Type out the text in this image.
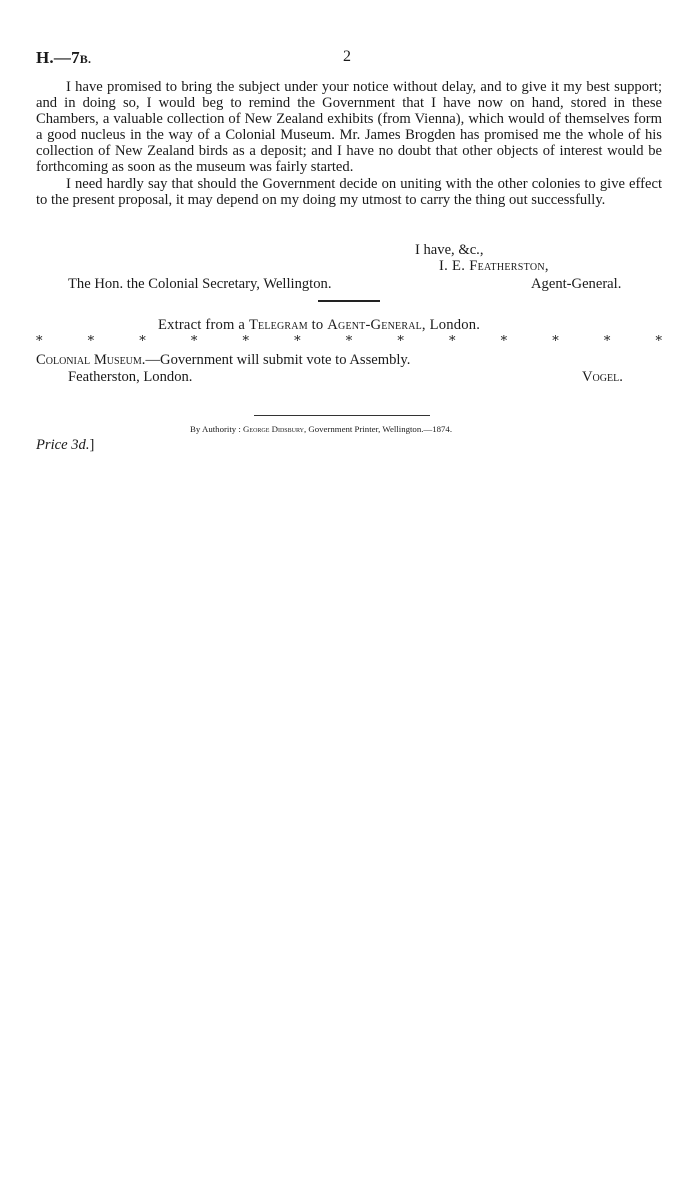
H.—7B.	2

I have promised to bring the subject under your notice without delay, and to give it my best support; and in doing so, I would beg to remind the Government that I have now on hand, stored in these Chambers, a valuable collection of New Zealand exhibits (from Vienna), which would of themselves form a good nucleus in the way of a Colonial Museum. Mr. James Brogden has promised me the whole of his collection of New Zealand birds as a deposit; and I have no doubt that other objects of interest would be forthcoming as soon as the museum was fairly started.

I need hardly say that should the Government decide on uniting with the other colonies to give effect to the present proposal, it may depend on my doing my utmost to carry the thing out successfully.

I have, &c.,
I. E. Featherston,
The Hon. the Colonial Secretary, Wellington.	Agent-General.
Extract from a Telegram to Agent-General, London.
*	*	*	*	*	*	*	*	*	*	*	*	*
Colonial Museum.—Government will submit vote to Assembly.
Featherston, London.	Vogel.
By Authority : George Didsbury, Government Printer, Wellington.—1874.
Price 3d.]
